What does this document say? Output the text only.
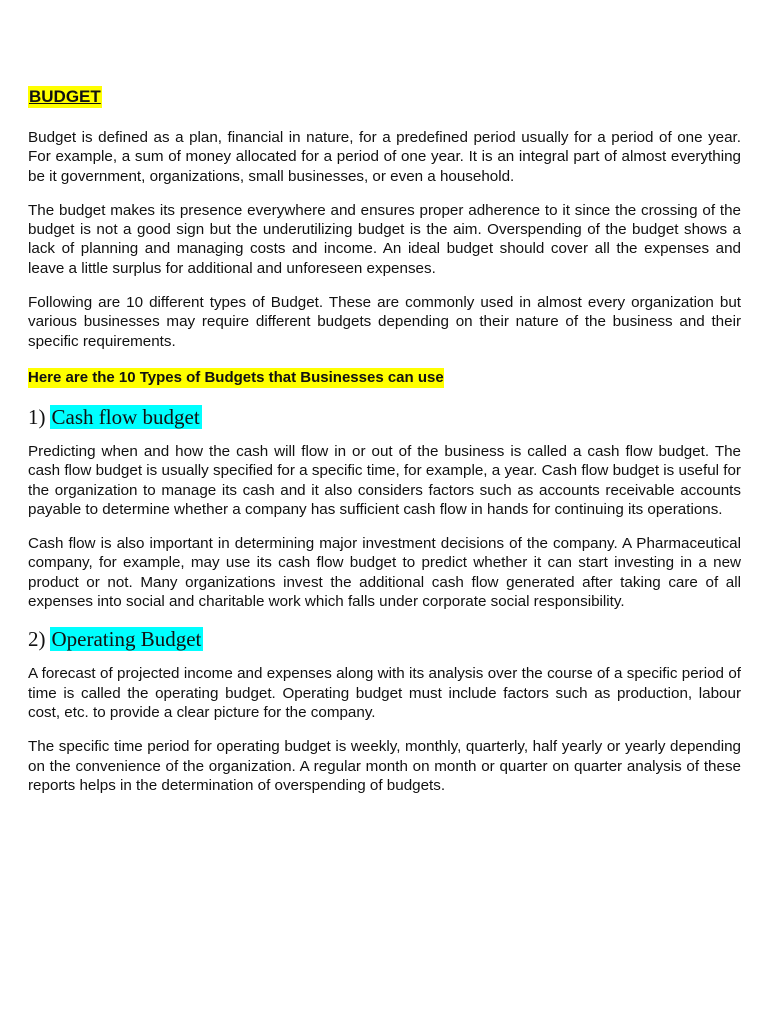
BUDGET

Budget is defined as a plan, financial in nature, for a predefined period usually for a period of one year. For example, a sum of money allocated for a period of one year. It is an integral part of almost everything be it government, organizations, small businesses, or even a household.

The budget makes its presence everywhere and ensures proper adherence to it since the crossing of the budget is not a good sign but the underutilizing budget is the aim. Overspending of the budget shows a lack of planning and managing costs and income. An ideal budget should cover all the expenses and leave a little surplus for additional and unforeseen expenses.

Following are 10 different types of Budget. These are commonly used in almost every organization but various businesses may require different budgets depending on their nature of the business and their specific requirements.

Here are the 10 Types of Budgets that Businesses can use
1) Cash flow budget

Predicting when and how the cash will flow in or out of the business is called a cash flow budget. The cash flow budget is usually specified for a specific time, for example, a year. Cash flow budget is useful for the organization to manage its cash and it also considers factors such as accounts receivable accounts payable to determine whether a company has sufficient cash flow in hands for continuing its operations.

Cash flow is also important in determining major investment decisions of the company. A Pharmaceutical company, for example, may use its cash flow budget to predict whether it can start investing in a new product or not. Many organizations invest the additional cash flow generated after taking care of all expenses into social and charitable work which falls under corporate social responsibility.

2) Operating Budget

A forecast of projected income and expenses along with its analysis over the course of a specific period of time is called the operating budget. Operating budget must include factors such as production, labour cost, etc. to provide a clear picture for the company.

The specific time period for operating budget is weekly, monthly, quarterly, half yearly or yearly depending on the convenience of the organization. A regular month on month or quarter on quarter analysis of these reports helps in the determination of overspending of budgets.
